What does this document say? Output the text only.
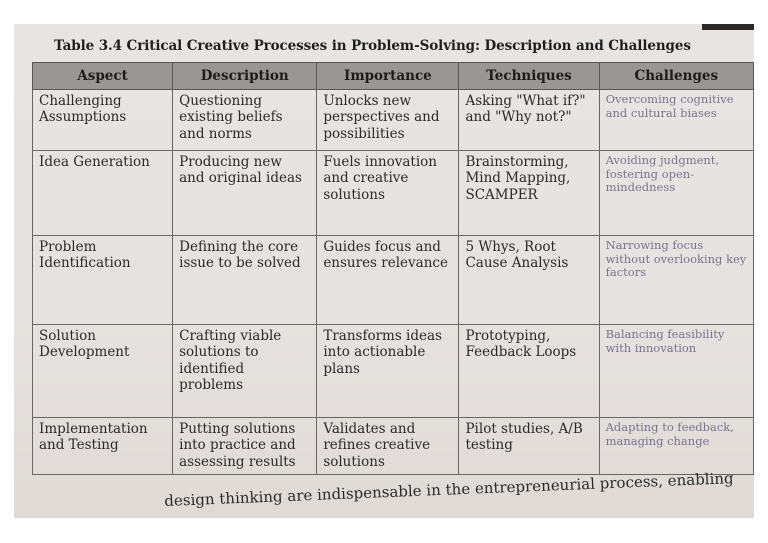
Table 3.4 Critical Creative Processes in Problem-Solving: Description and Challenges
Aspect	Description	Importance	Techniques	Challenges
Challenging Assumptions	Questioning existing beliefs and norms	Unlocks new perspectives and possibilities	Asking "What if?" and "Why not?"	Overcoming cognitive and cultural biases
Idea Generation	Producing new and original ideas	Fuels innovation and creative solutions	Brainstorming, Mind Mapping, SCAMPER	Avoiding judgment, fostering open-mindedness
Problem Identification	Defining the core issue to be solved	Guides focus and ensures relevance	5 Whys, Root Cause Analysis	Narrowing focus without overlooking key factors
Solution Development	Crafting viable solutions to identified problems	Transforms ideas into actionable plans	Prototyping, Feedback Loops	Balancing feasibility with innovation
Implementation and Testing	Putting solutions into practice and assessing results	Validates and refines creative solutions	Pilot studies, A/B testing	Adapting to feedback, managing change
design thinking are indispensable in the entrepreneurial process, enabling
